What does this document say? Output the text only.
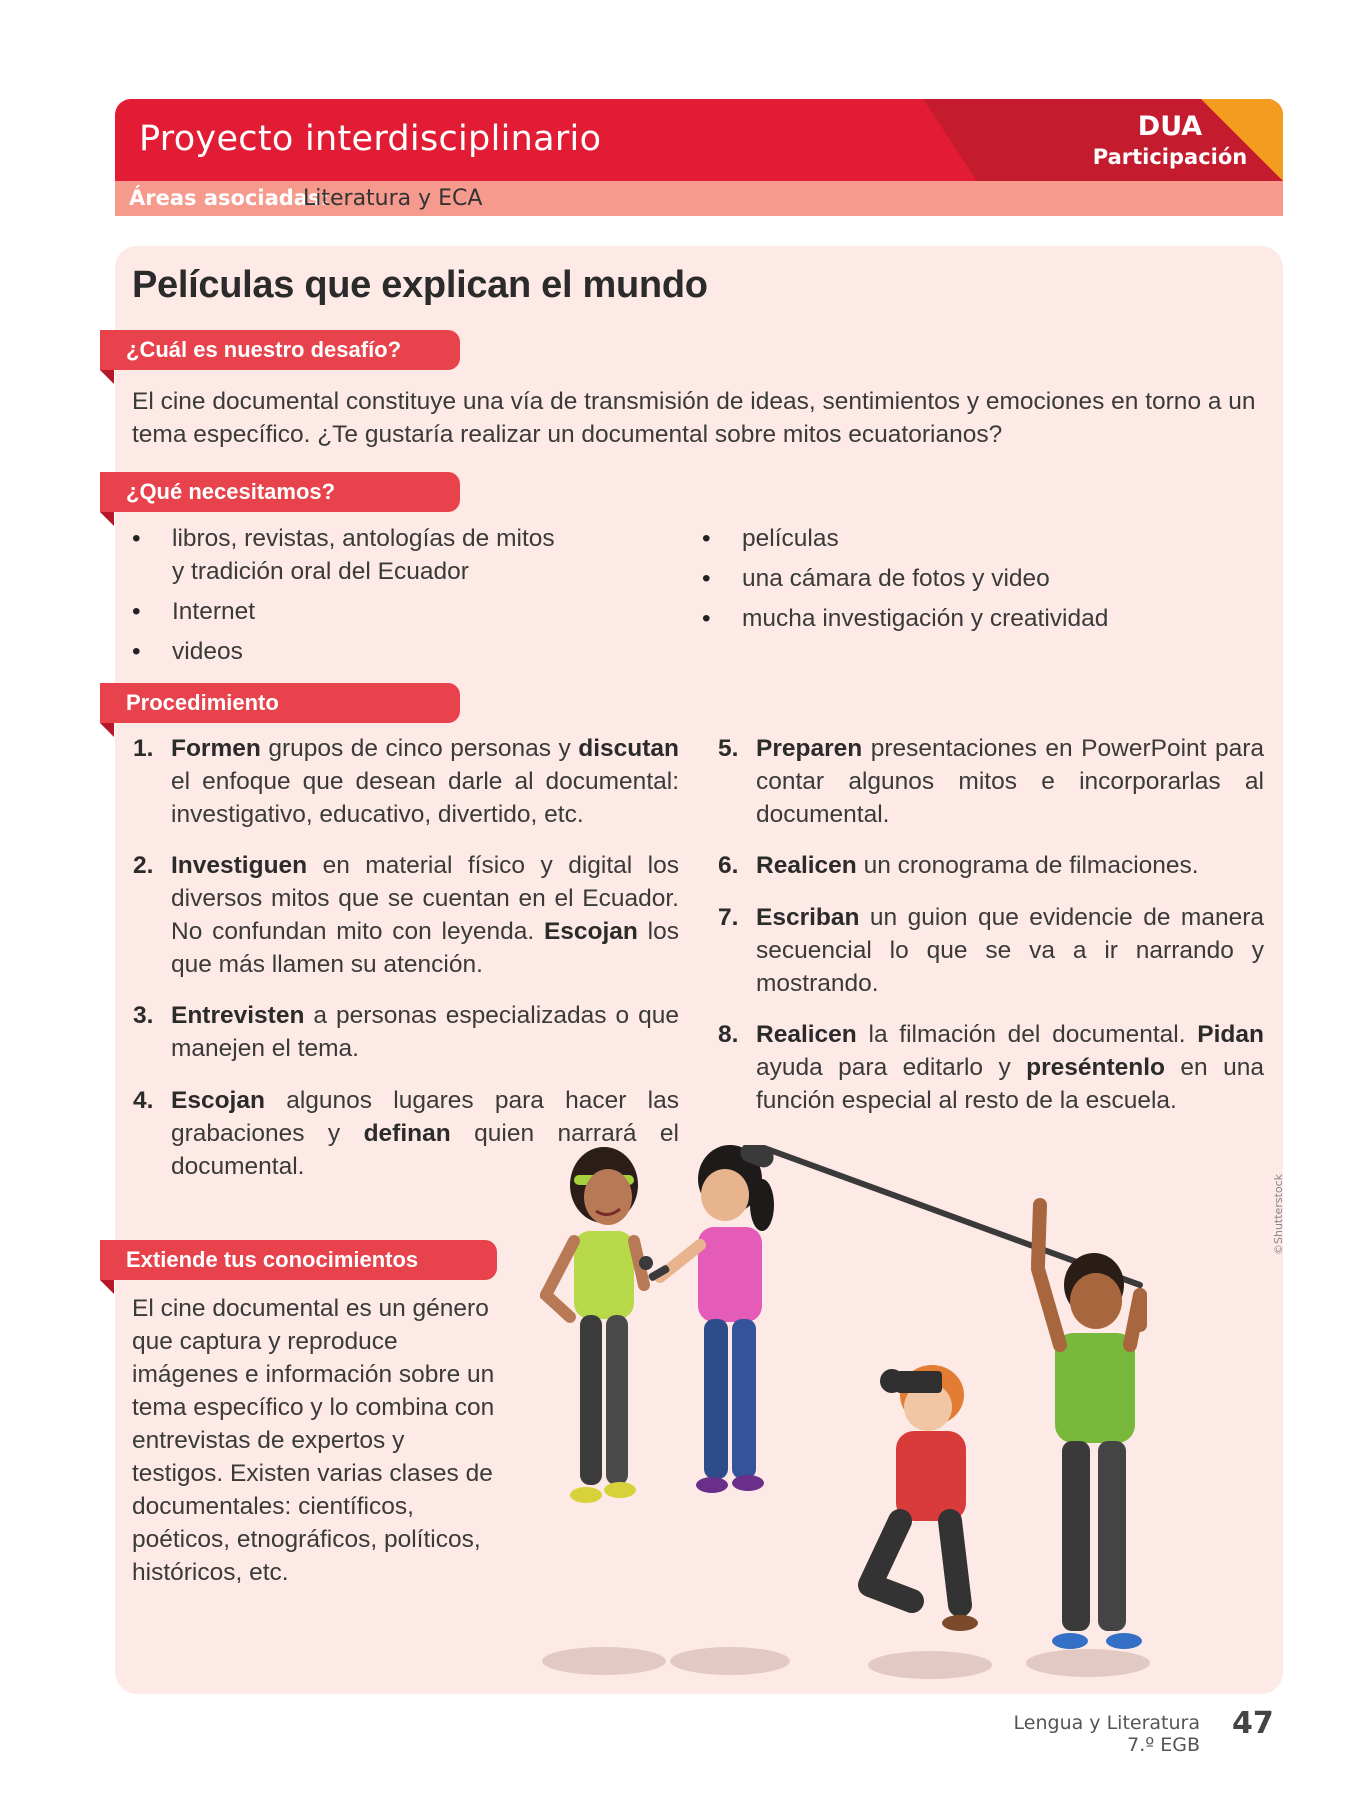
Proyecto interdisciplinario	DUA
Participación
Áreas asociadas:
Literatura y ECA
Películas que explican el mundo
¿Cuál es nuestro desafío?
El cine documental constituye una vía de transmisión de ideas, sentimientos y emociones en torno a un tema específico. ¿Te gustaría realizar un documental sobre mitos ecuatorianos?
¿Qué necesitamos?
• libros, revistas, antologías de mitos y tradición oral del Ecuador
• Internet
• videos
• películas
• una cámara de fotos y video
• mucha investigación y creatividad
Procedimiento
1. Formen grupos de cinco personas y discutan el enfoque que desean darle al documental: investigativo, educativo, divertido, etc.
2. Investiguen en material físico y digital los diversos mitos que se cuentan en el Ecuador. No confundan mito con leyenda. Escojan los que más llamen su atención.
3. Entrevisten a personas especializadas o que manejen el tema.
4. Escojan algunos lugares para hacer las grabaciones y definan quien narrará el documental.
5. Preparen presentaciones en PowerPoint para contar algunos mitos e incorporarlas al documental.
6. Realicen un cronograma de filmaciones.
7. Escriban un guion que evidencie de manera secuencial lo que se va a ir narrando y mostrando.
8. Realicen la filmación del documental. Pidan ayuda para editarlo y preséntenlo en una función especial al resto de la escuela.
Extiende tus conocimientos
El cine documental es un género que captura y reproduce imágenes e información sobre un tema específico y lo combina con entrevistas de expertos y testigos. Existen varias clases de documentales: científicos, poéticos, etnográficos, políticos, históricos, etc.
©Shutterstock
Lengua y Literatura
7.º EGB
47
